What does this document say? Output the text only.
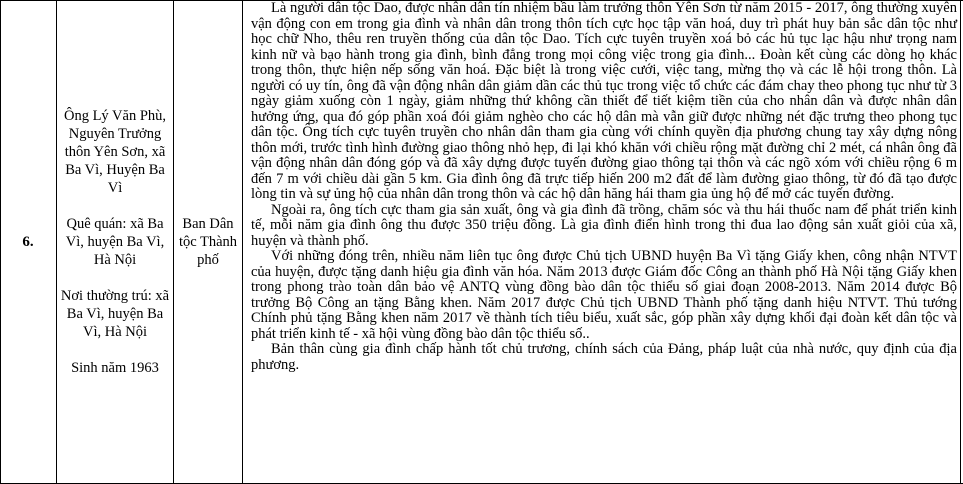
6.

Ông Lý Văn Phù, Nguyên Trưởng thôn Yên Sơn, xã Ba Vì, Huyện Ba Vì

Quê quán: xã Ba Vì, huyện Ba Vì, Hà Nội

Nơi thường trú: xã Ba Vì, huyện Ba Vì, Hà Nội

Sinh năm 1963

Ban Dân tộc Thành phố

Là người dân tộc Dao, được nhân dân tín nhiệm bầu làm trưởng thôn Yên Sơn từ năm 2015 - 2017, ông thường xuyên vận động con em trong gia đình và nhân dân trong thôn tích cực học tập văn hoá, duy trì phát huy bản sắc dân tộc như học chữ Nho, thêu ren truyền thống của dân tộc Dao. Tích cực tuyên truyền xoá bỏ các hủ tục lạc hậu như trọng nam kinh nữ và bạo hành trong gia đình, bình đẳng trong mọi công việc trong gia đình... Đoàn kết cùng các dòng họ khác trong thôn, thực hiện nếp sống văn hoá. Đặc biệt là trong việc cưới, việc tang, mừng thọ và các lễ hội trong thôn. Là người có uy tín, ông đã vận động nhân dân giảm dần các thủ tục trong việc tổ chức các đám chay theo phong tục như từ 3 ngày giảm xuống còn 1 ngày, giảm những thứ không cần thiết để tiết kiệm tiền của cho nhân dân và được nhân dân hưởng ứng, qua đó góp phần xoá đói giảm nghèo cho các hộ dân mà vẫn giữ được những nét đặc trưng theo phong tục dân tộc. Ông tích cực tuyên truyền cho nhân dân tham gia cùng với chính quyền địa phương chung tay xây dựng nông thôn mới, trước tình hình đường giao thông nhỏ hẹp, đi lại khó khăn với chiều rộng mặt đường chỉ 2 mét, cá nhân ông đã vận động nhân dân đóng góp và đã xây dựng được tuyến đường giao thông tại thôn và các ngõ xóm với chiều rộng 6 m đến 7 m với chiều dài gần 5 km. Gia đình ông đã trực tiếp hiến 200 m2 đất để làm đường giao thông, từ đó đã tạo được lòng tin và sự ủng hộ của nhân dân trong thôn và các hộ dân hăng hái tham gia ủng hộ để mở các tuyến đường.

Ngoài ra, ông tích cực tham gia sản xuất, ông và gia đình đã trồng, chăm sóc và thu hái thuốc nam để phát triển kinh tế, mỗi năm gia đình ông thu được 350 triệu đồng. Là gia đình điển hình trong thi đua lao động sản xuất giỏi của xã, huyện và thành phố.

Với những đóng trên, nhiều năm liên tục ông được Chủ tịch UBND huyện Ba Vì tặng Giấy khen, công nhận NTVT của huyện, được tặng danh hiệu gia đình văn hóa. Năm 2013 được Giám đốc Công an thành phố Hà Nội tặng Giấy khen trong phong trào toàn dân bảo vệ ANTQ vùng đồng bào dân tộc thiểu số giai đoạn 2008-2013. Năm 2014 được Bộ trưởng Bộ Công an tặng Bằng khen. Năm 2017 được Chủ tịch UBND Thành phố tặng danh hiệu NTVT. Thủ tướng Chính phủ tặng Bằng khen năm 2017 về thành tích tiêu biểu, xuất sắc, góp phần xây dựng khối đại đoàn kết dân tộc và phát triển kinh tế - xã hội vùng đồng bào dân tộc thiểu số..

Bản thân cùng gia đình chấp hành tốt chủ trương, chính sách của Đảng, pháp luật của nhà nước, quy định của địa phương.
